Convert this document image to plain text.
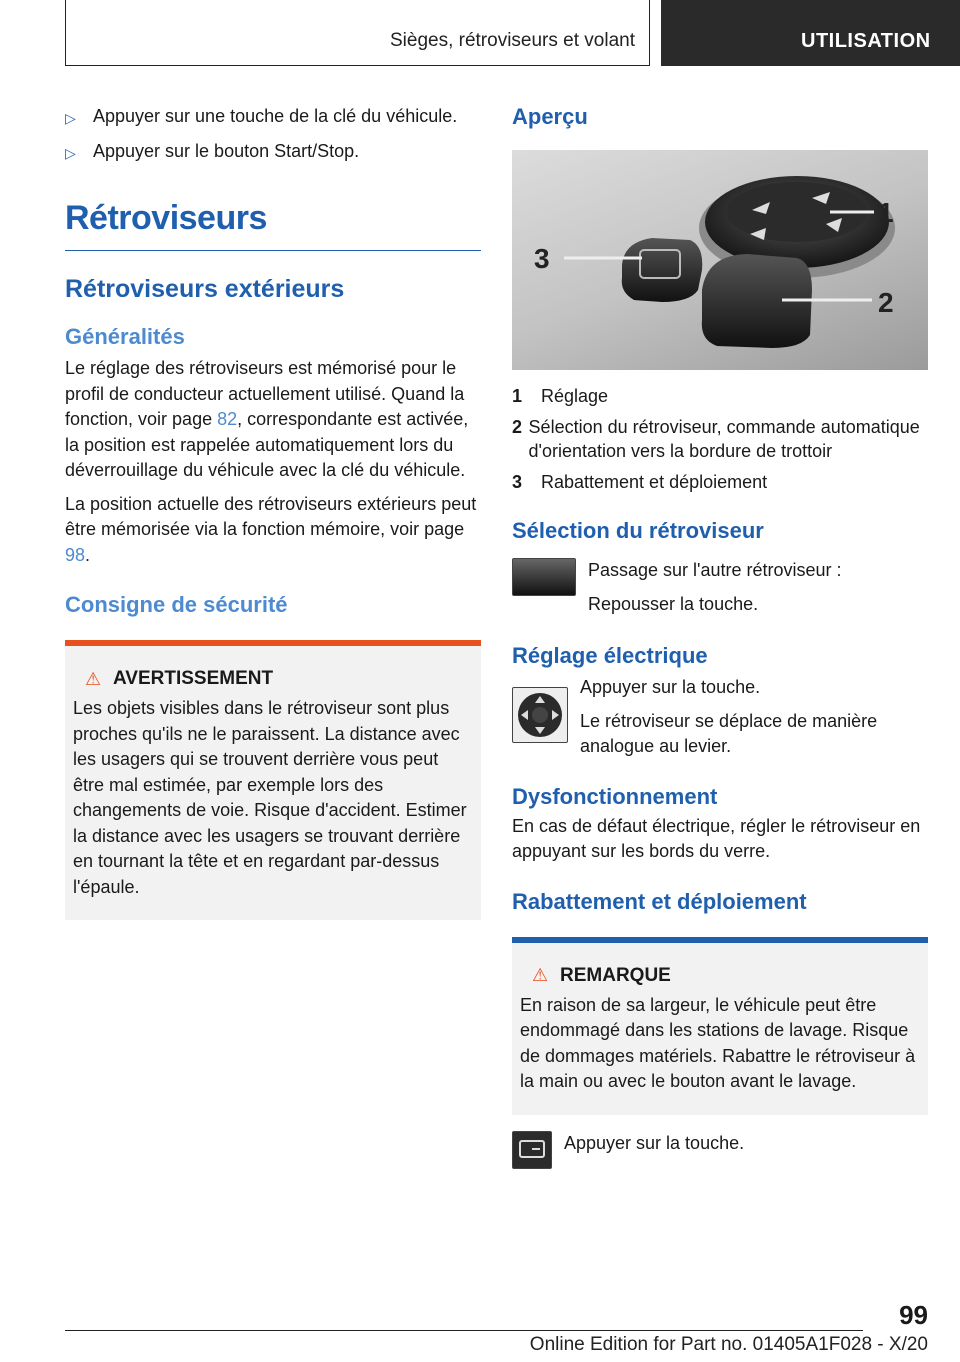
Sièges, rétroviseurs et volant	UTILISATION
▷ Appuyer sur une touche de la clé du véhicule.
▷ Appuyer sur le bouton Start/Stop.
Rétroviseurs
Rétroviseurs extérieurs
Généralités

Le réglage des rétroviseurs est mémorisé pour le profil de conducteur actuellement utilisé. Quand la fonction, voir page 82, correspondante est activée, la position est rappelée automatiquement lors du déverrouillage du véhicule avec la clé du véhicule.

La position actuelle des rétroviseurs extérieurs peut être mémorisée via la fonction mémoire, voir page 98.

Consigne de sécurité
⚠ AVERTISSEMENT

Les objets visibles dans le rétroviseur sont plus proches qu'ils ne le paraissent. La distance avec les usagers qui se trouvent derrière vous peut être mal estimée, par exemple lors des changements de voie. Risque d'accident. Estimer la distance avec les usagers se trouvant derrière en tournant la tête et en regardant par-dessus l'épaule.

Aperçu
1
2
3
1	Réglage
2 Sélection du rétroviseur, commande automatique d'orientation vers la bordure de trottoir
3	Rabattement et déploiement
Sélection du rétroviseur

Passage sur l'autre rétroviseur :

Repousser la touche.

Réglage électrique

Appuyer sur la touche.

Le rétroviseur se déplace de manière analogue au levier.

Dysfonctionnement

En cas de défaut électrique, régler le rétroviseur en appuyant sur les bords du verre.

Rabattement et déploiement
⚠ REMARQUE

En raison de sa largeur, le véhicule peut être endommagé dans les stations de lavage. Risque de dommages matériels. Rabattre le rétroviseur à la main ou avec le bouton avant le lavage.

Appuyer sur la touche.

99
Online Edition for Part no. 01405A1F028 - X/20
